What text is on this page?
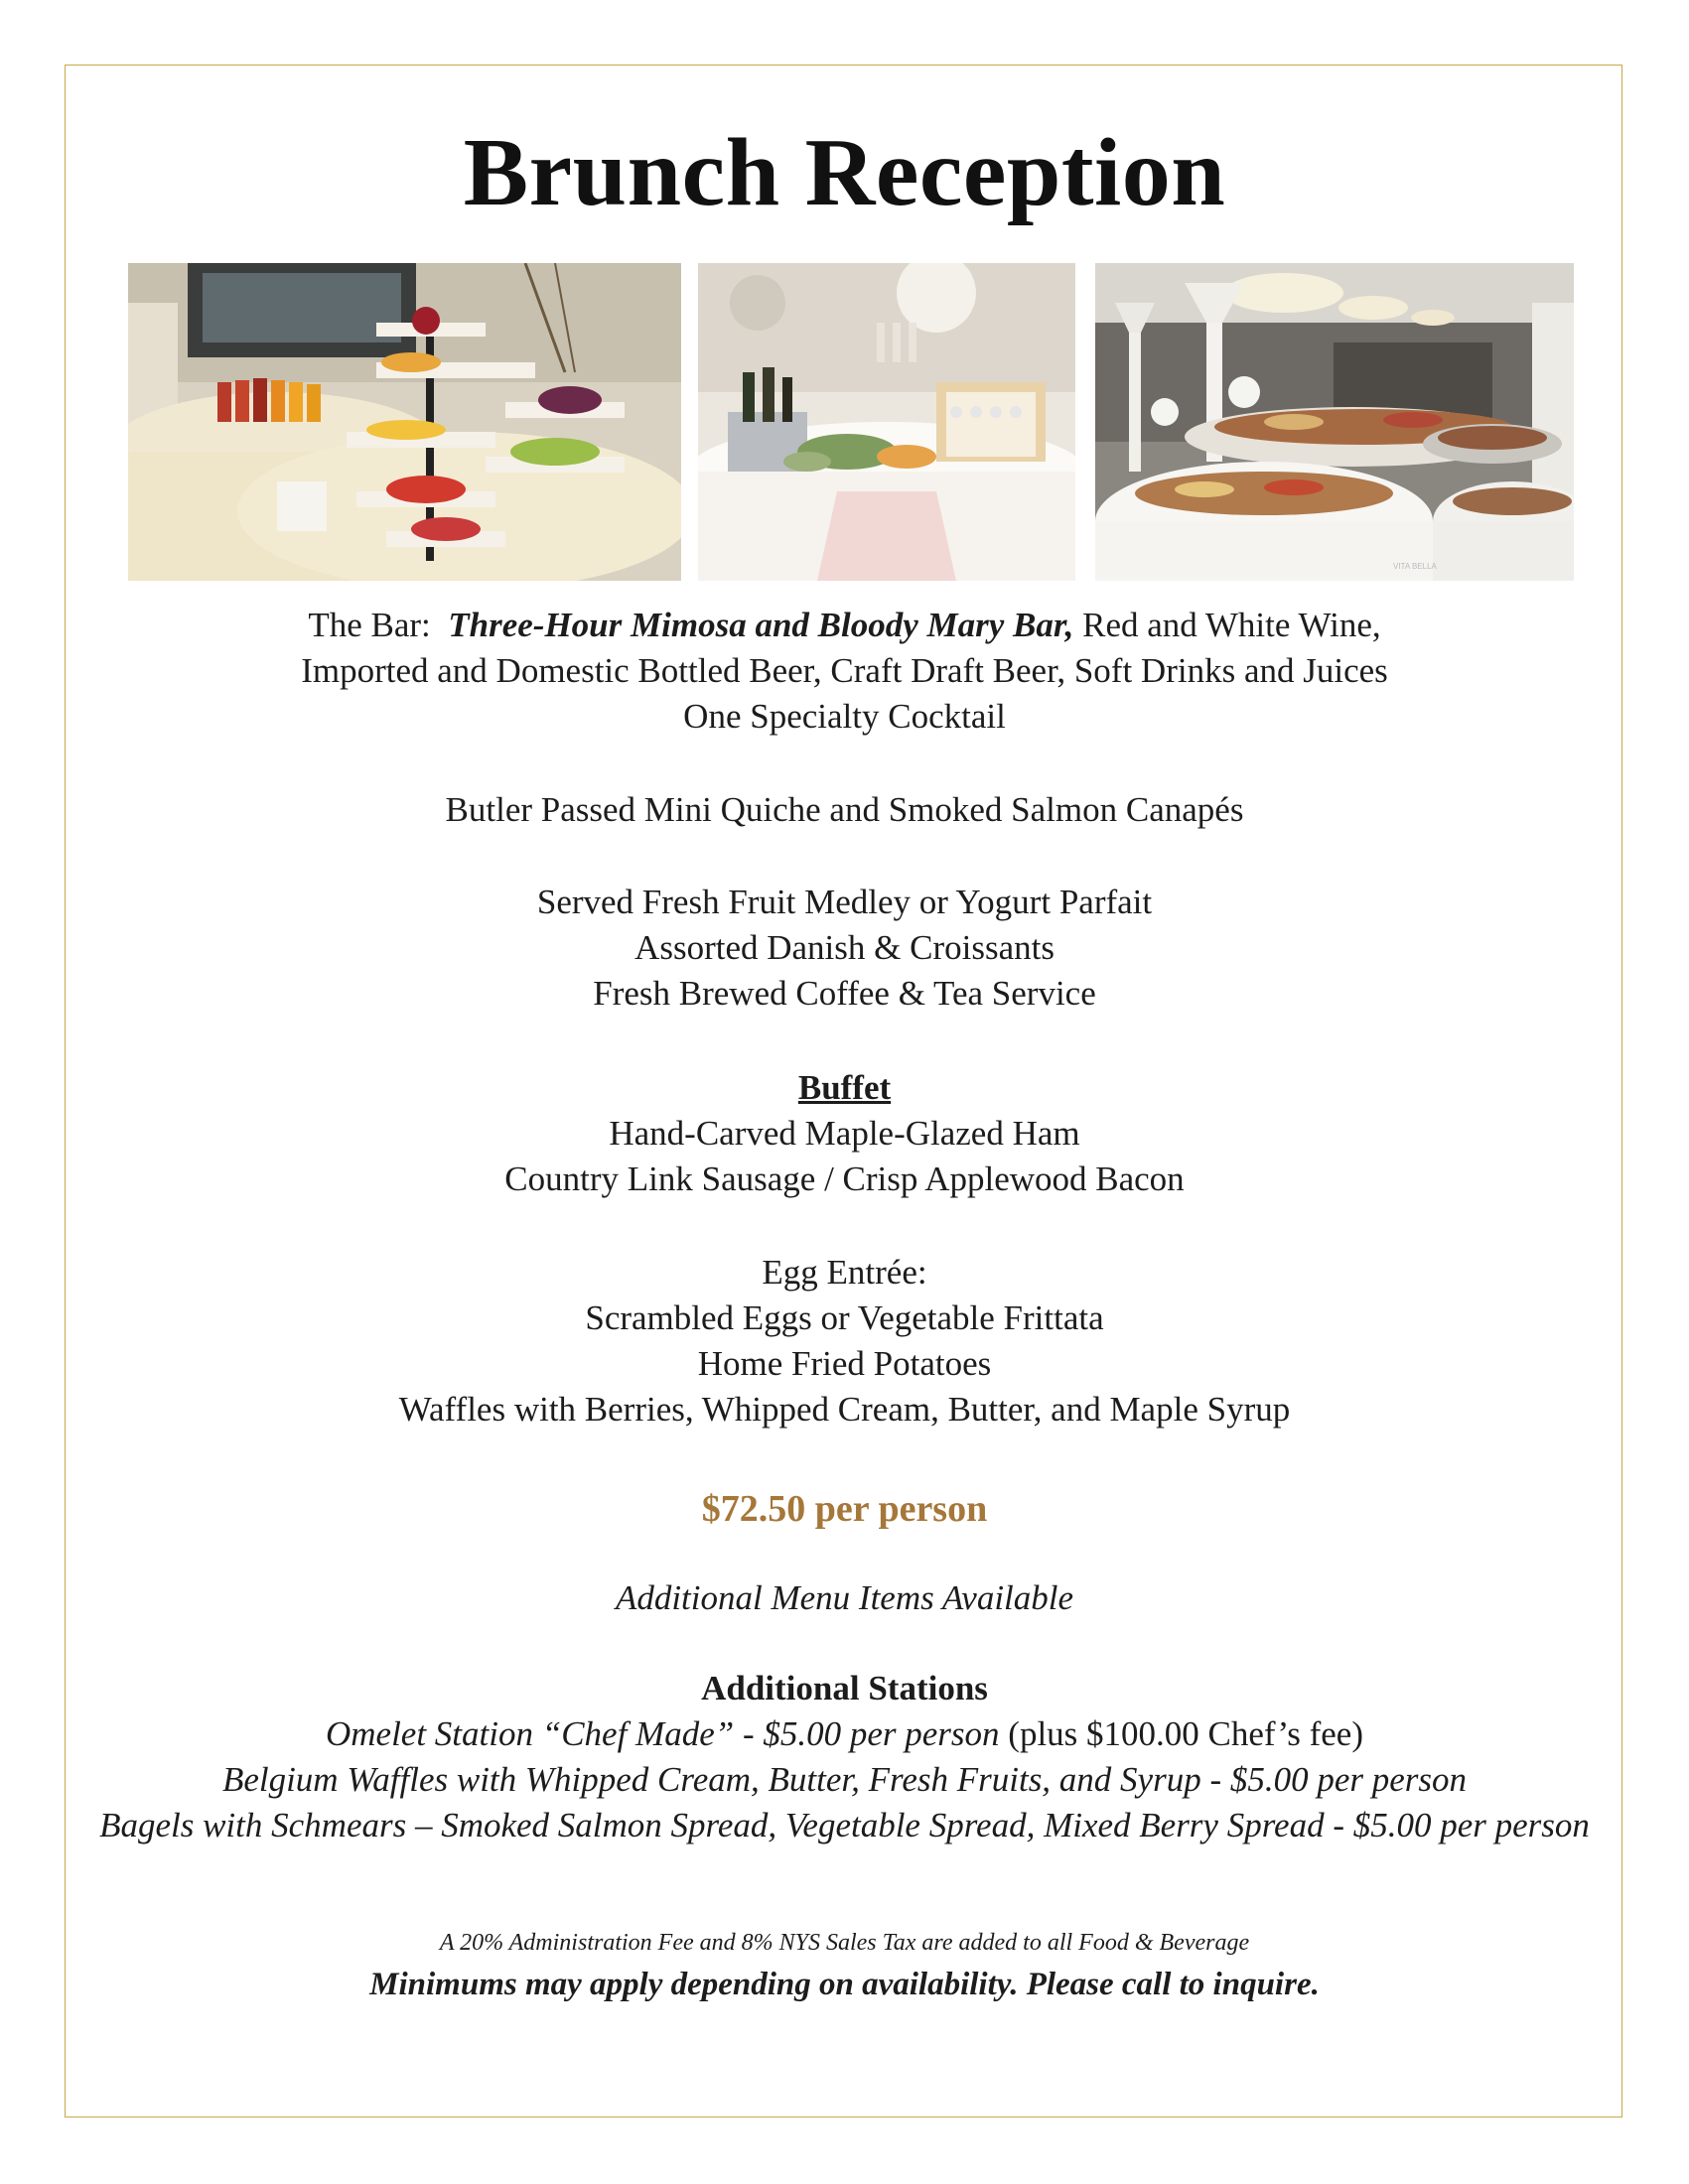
Brunch Reception
VITA BELLA
The Bar: Three-Hour Mimosa and Bloody Mary Bar, Red and White Wine,
Imported and Domestic Bottled Beer, Craft Draft Beer, Soft Drinks and Juices
One Specialty Cocktail
Butler Passed Mini Quiche and Smoked Salmon Canapés
Served Fresh Fruit Medley or Yogurt Parfait
Assorted Danish & Croissants
Fresh Brewed Coffee & Tea Service
Buffet
Hand-Carved Maple-Glazed Ham
Country Link Sausage / Crisp Applewood Bacon
Egg Entrée:
Scrambled Eggs or Vegetable Frittata
Home Fried Potatoes
Waffles with Berries, Whipped Cream, Butter, and Maple Syrup
$72.50 per person
Additional Menu Items Available
Additional Stations
Omelet Station “Chef Made” - $5.00 per person (plus $100.00 Chef’s fee)
Belgium Waffles with Whipped Cream, Butter, Fresh Fruits, and Syrup - $5.00 per person
Bagels with Schmears – Smoked Salmon Spread, Vegetable Spread, Mixed Berry Spread - $5.00 per person
A 20% Administration Fee and 8% NYS Sales Tax are added to all Food & Beverage
Minimums may apply depending on availability. Please call to inquire.
